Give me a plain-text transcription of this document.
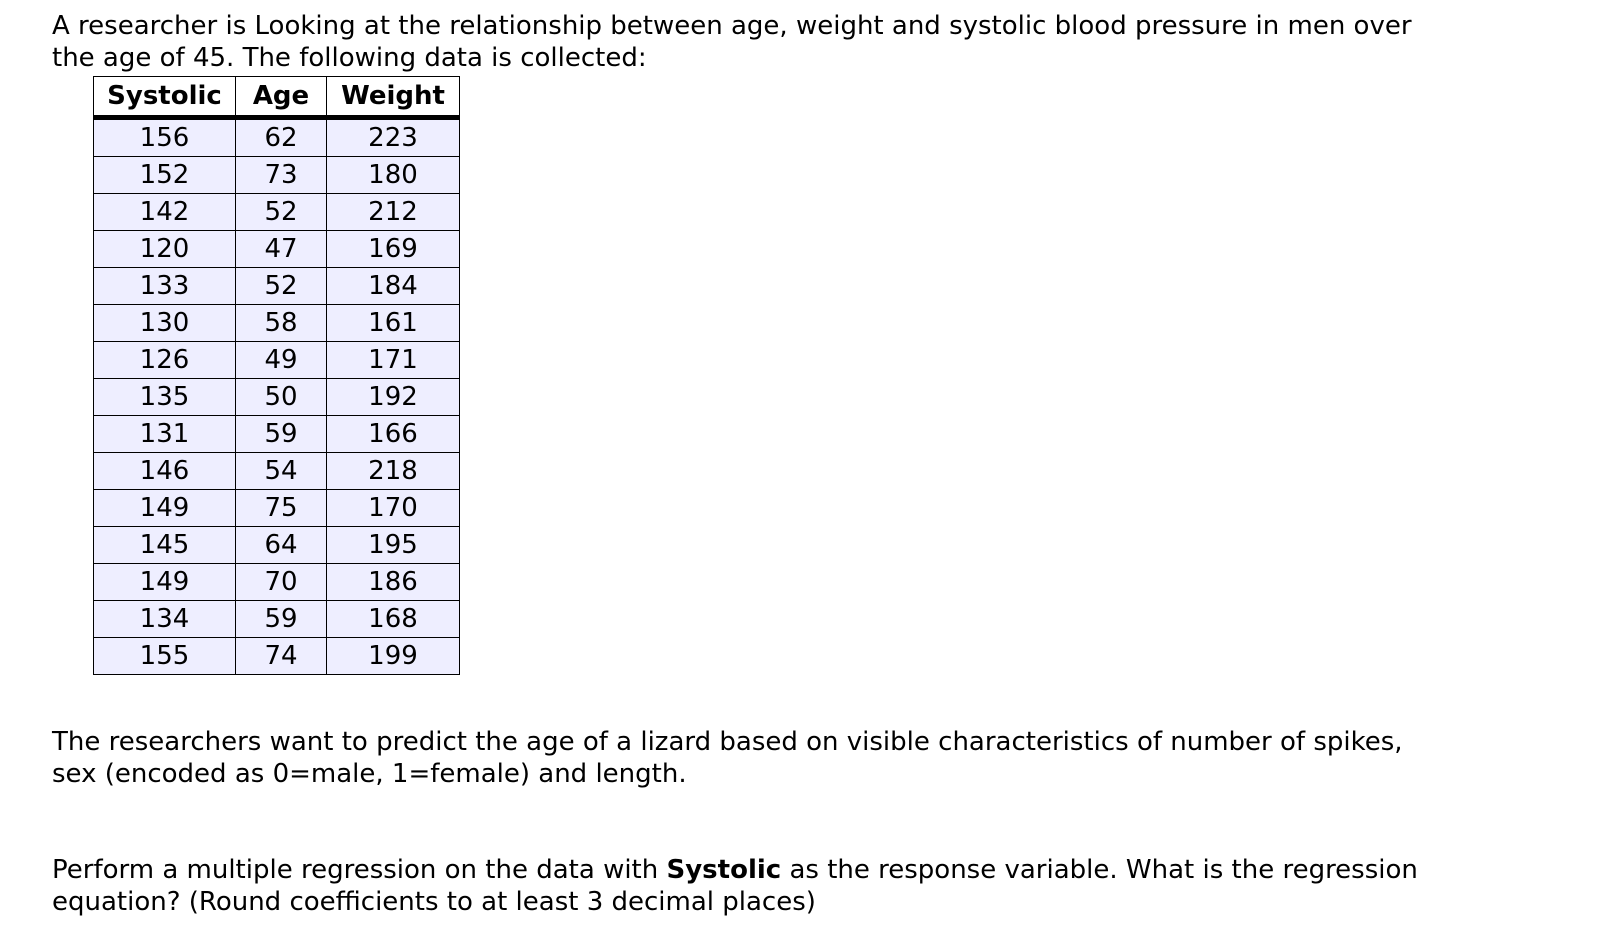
A researcher is Looking at the relationship between age, weight and systolic blood pressure in men over the age of 45. The following data is collected:

Systolic	Age	Weight
156	62	223
152	73	180
142	52	212
120	47	169
133	52	184
130	58	161
126	49	171
135	50	192
131	59	166
146	54	218
149	75	170
145	64	195
149	70	186
134	59	168
155	74	199

The researchers want to predict the age of a lizard based on visible characteristics of number of spikes, sex (encoded as 0=male, 1=female) and length.

Perform a multiple regression on the data with Systolic as the response variable. What is the regression equation? (Round coefficients to at least 3 decimal places)
